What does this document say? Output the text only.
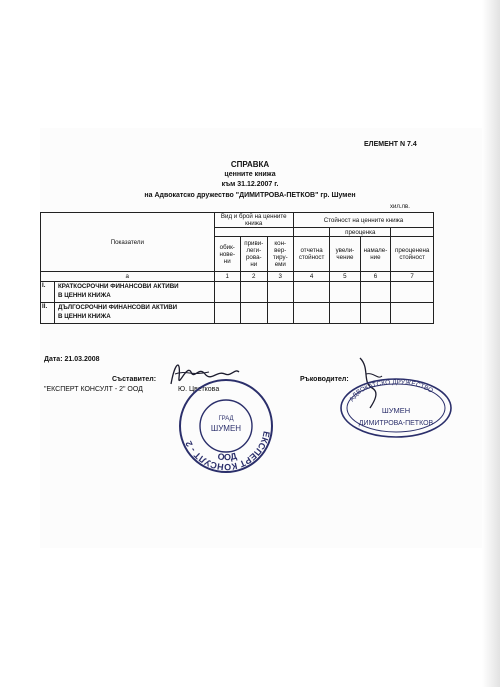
ЕЛЕМЕНТ N 7.4
СПРАВКА
ценните книжа
към 31.12.2007 г.
на Адвокатско дружество "ДИМИТРОВА-ПЕТКОВ" гр. Шумен
хил.лв.
Показатели	Вид и брой на ценните книжа			Стойност на ценните книжа			
					преоценка		
	обик-нове-ни	приви-леги-рова-ни	кон-вер-тиру-еми	отчетна стойност	увели-чение	намале-ние	преоценена стойност

а	1	2	3	4	5	6	7

I. КРАТКОСРОЧНИ ФИНАНСОВИ АКТИВИ
В ЦЕННИ КНИЖА							

II. ДЪЛГОСРОЧНИ ФИНАНСОВИ АКТИВИ
В ЦЕННИ КНИЖА							

Дата: 21.03.2008
Съставител:
"ЕКСПЕРТ КОНСУЛТ - 2" ООД	Ю. Цветкова
Ръководител:
ЕКСПЕРТ КОНСУЛТ - 2
ООД
ГРАД
ШУМЕН
АДВОКАТСКО ДРУЖЕСТВО
ШУМЕН
ДИМИТРОВА-ПЕТКОВ
